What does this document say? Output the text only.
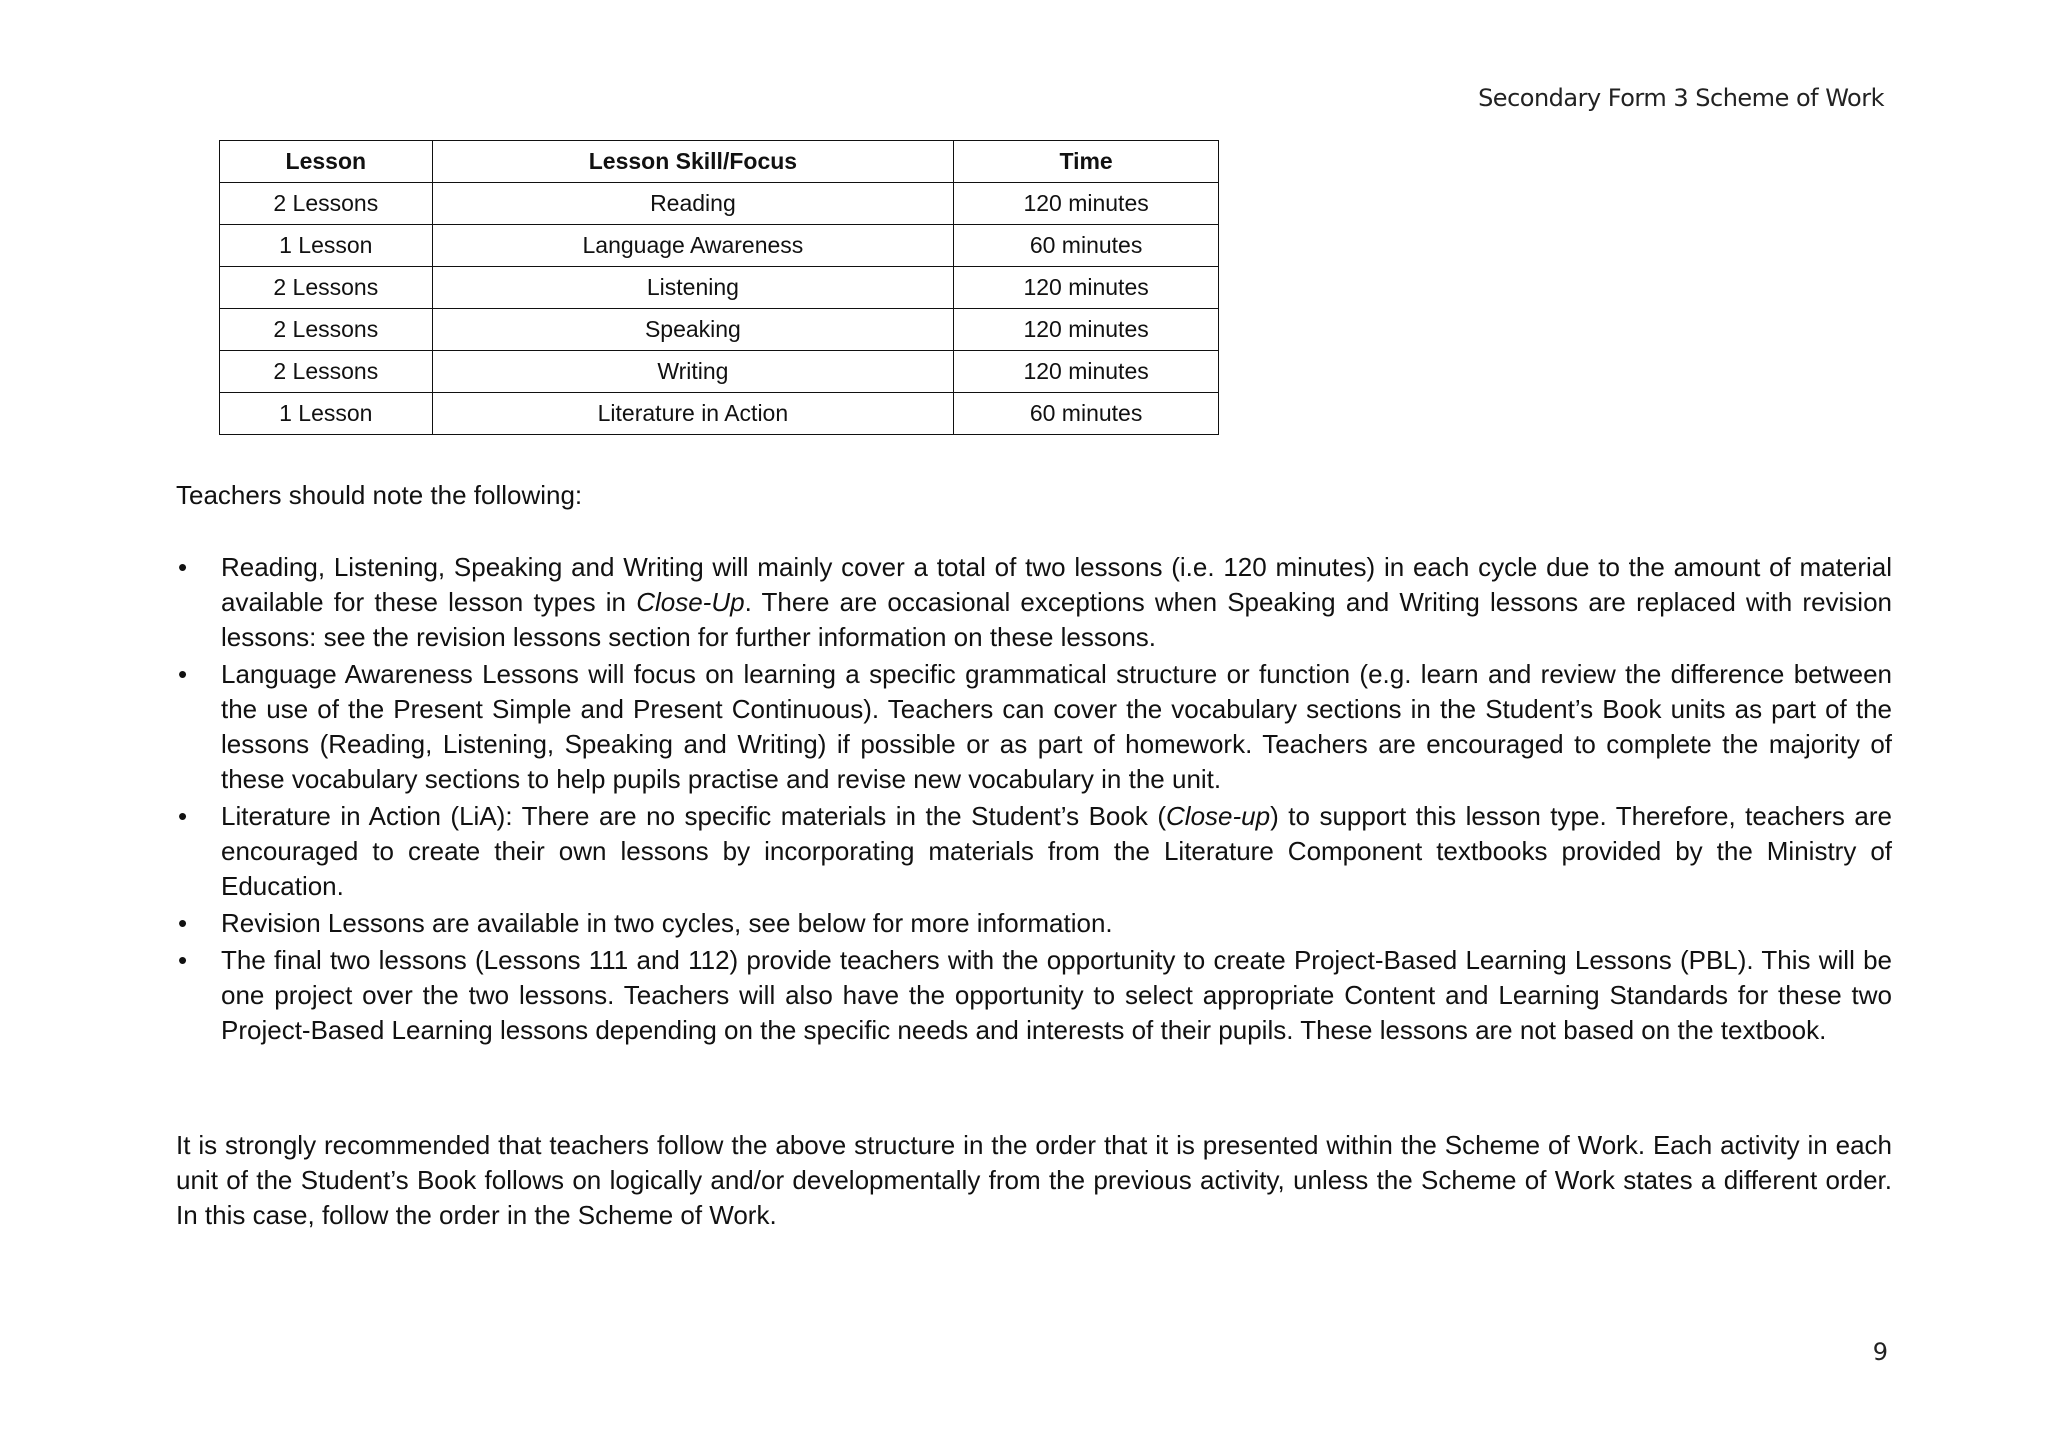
Secondary Form 3 Scheme of Work
Lesson	Lesson Skill/Focus	Time
2 Lessons	Reading	120 minutes
1 Lesson	Language Awareness	60 minutes
2 Lessons	Listening	120 minutes
2 Lessons	Speaking	120 minutes
2 Lessons	Writing	120 minutes
1 Lesson	Literature in Action	60 minutes

Teachers should note the following:

• Reading, Listening, Speaking and Writing will mainly cover a total of two lessons (i.e. 120 minutes) in each cycle due to the amount of material available for these lesson types in Close-Up. There are occasional exceptions when Speaking and Writing lessons are replaced with revision lessons: see the revision lessons section for further information on these lessons.
• Language Awareness Lessons will focus on learning a specific grammatical structure or function (e.g. learn and review the difference between the use of the Present Simple and Present Continuous). Teachers can cover the vocabulary sections in the Student’s Book units as part of the lessons (Reading, Listening, Speaking and Writing) if possible or as part of homework. Teachers are encouraged to complete the majority of these vocabulary sections to help pupils practise and revise new vocabulary in the unit.
• Literature in Action (LiA): There are no specific materials in the Student’s Book (Close-up) to support this lesson type. Therefore, teachers are encouraged to create their own lessons by incorporating materials from the Literature Component textbooks provided by the Ministry of Education.
• Revision Lessons are available in two cycles, see below for more information.
• The final two lessons (Lessons 111 and 112) provide teachers with the opportunity to create Project-Based Learning Lessons (PBL). This will be one project over the two lessons. Teachers will also have the opportunity to select appropriate Content and Learning Standards for these two Project-Based Learning lessons depending on the specific needs and interests of their pupils. These lessons are not based on the textbook.

It is strongly recommended that teachers follow the above structure in the order that it is presented within the Scheme of Work. Each activity in each unit of the Student’s Book follows on logically and/or developmentally from the previous activity, unless the Scheme of Work states a different order. In this case, follow the order in the Scheme of Work.

9
